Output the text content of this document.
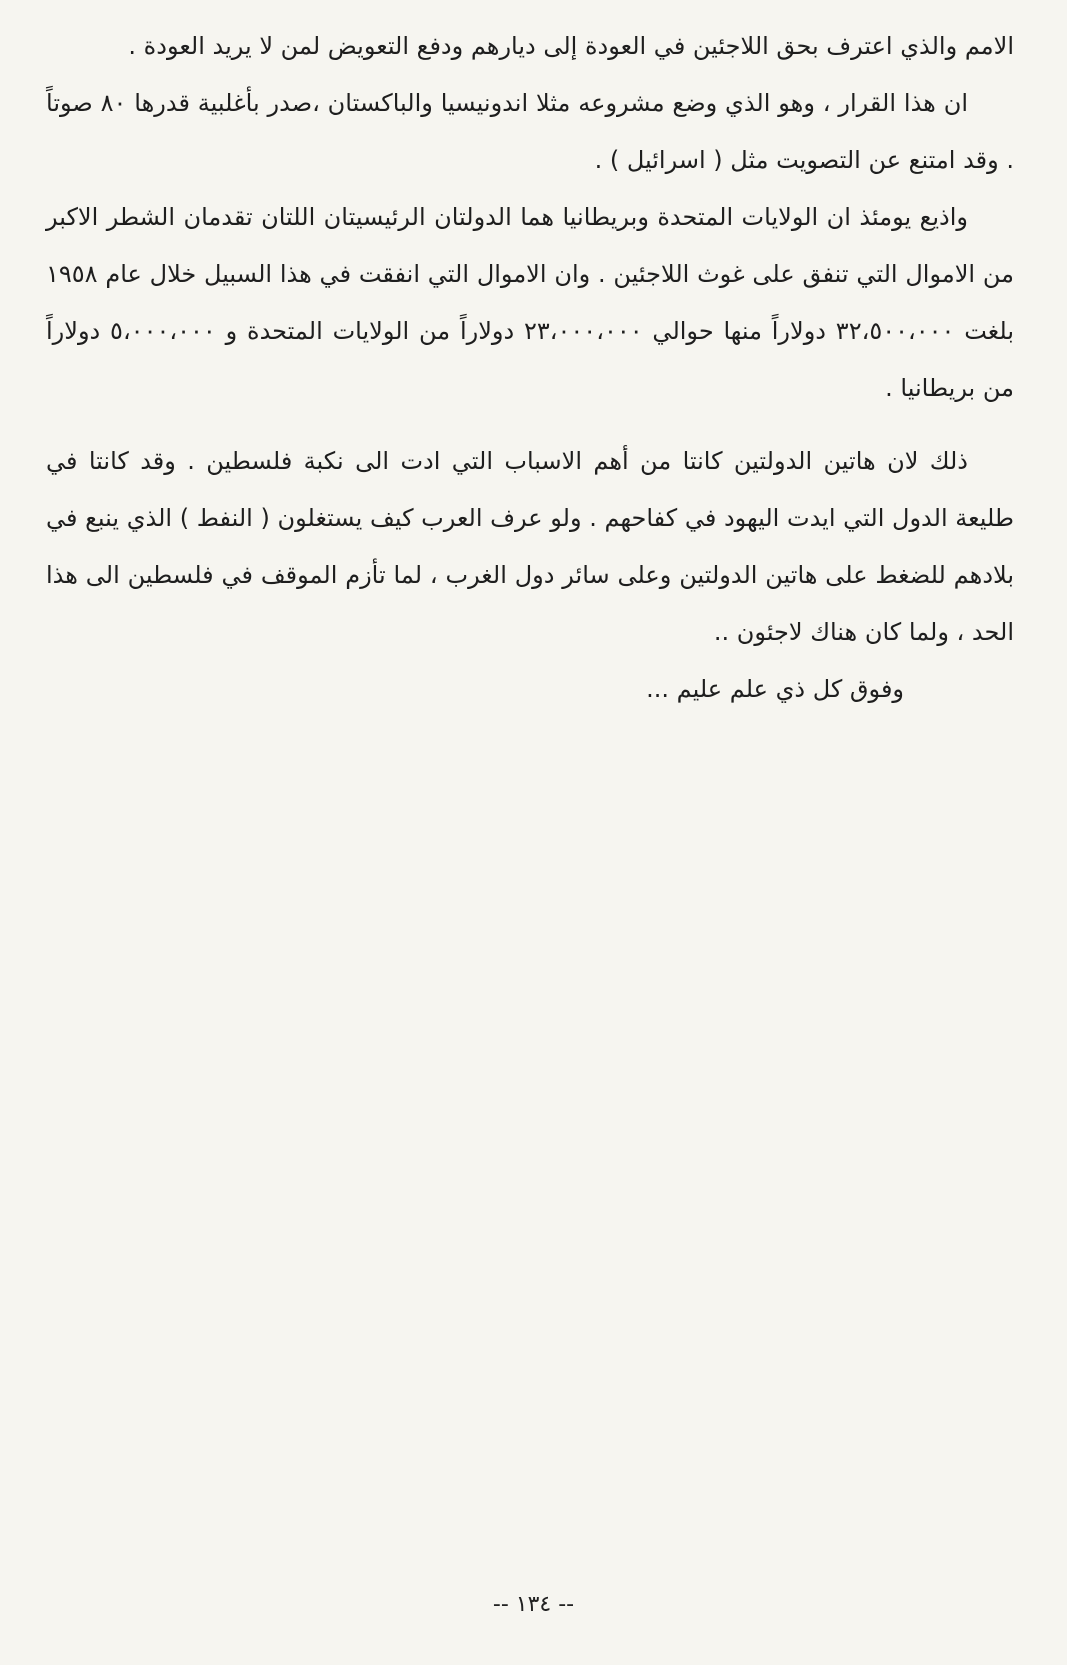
الامم والذي اعترف بحق اللاجئين في العودة إلى ديارهم ودفع التعويض لمن لا يريد العودة .

ان هذا القرار ، وهو الذي وضع مشروعه مثلا اندونيسيا والباكستان ،صدر بأغلبية قدرها ٨٠ صوتاً . وقد امتنع عن التصويت مثل ( اسرائيل ) .

واذيع يومئذ ان الولايات المتحدة وبريطانيا هما الدولتان الرئيسيتان اللتان تقدمان الشطر الاكبر من الاموال التي تنفق على غوث اللاجئين . وان الاموال التي انفقت في هذا السبيل خلال عام ١٩٥٨ بلغت ٣٢،٥٠٠،٠٠٠ دولاراً منها حوالي ٢٣،٠٠٠،٠٠٠ دولاراً من الولايات المتحدة و ٥،٠٠٠،٠٠٠ دولاراً من بريطانيا .

ذلك لان هاتين الدولتين كانتا من أهم الاسباب التي ادت الى نكبة فلسطين . وقد كانتا في طليعة الدول التي ايدت اليهود في كفاحهم . ولو عرف العرب كيف يستغلون ( النفط ) الذي ينبع في بلادهم للضغط على هاتين الدولتين وعلى سائر دول الغرب ، لما تأزم الموقف في فلسطين الى هذا الحد ، ولما كان هناك لاجئون ..

وفوق كل ذي علم عليم ...

-- ١٣٤ --
